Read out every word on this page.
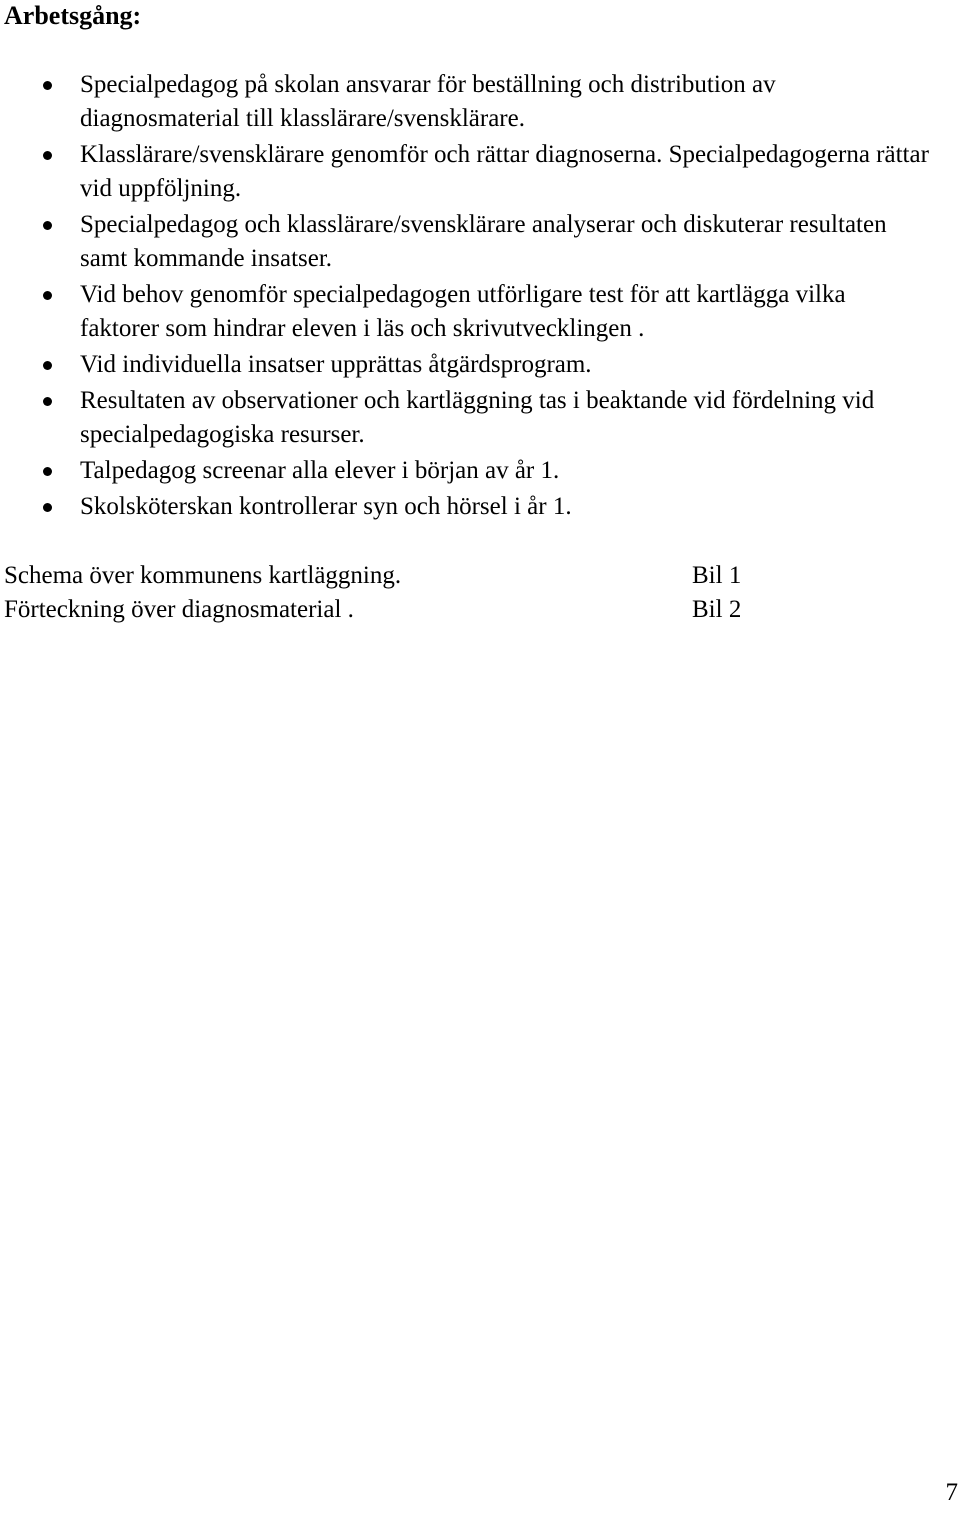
Arbetsgång:
Specialpedagog på skolan ansvarar för beställning och distribution av diagnosmaterial till klasslärare/svensklärare.
Klasslärare/svensklärare genomför och rättar diagnoserna. Specialpedagogerna rättar vid uppföljning.
Specialpedagog och klasslärare/svensklärare analyserar och diskuterar resultaten samt kommande insatser.
Vid behov genomför specialpedagogen utförligare test för att kartlägga vilka faktorer som hindrar eleven i läs och skrivutvecklingen .
Vid individuella insatser upprättas åtgärdsprogram.
Resultaten av observationer och kartläggning tas i beaktande vid fördelning vid specialpedagogiska resurser.
Talpedagog screenar alla elever i början av år 1.
Skolsköterskan kontrollerar syn och hörsel i år 1.
Schema över kommunens kartläggning.	Bil 1
Förteckning över diagnosmaterial .	Bil 2
7
